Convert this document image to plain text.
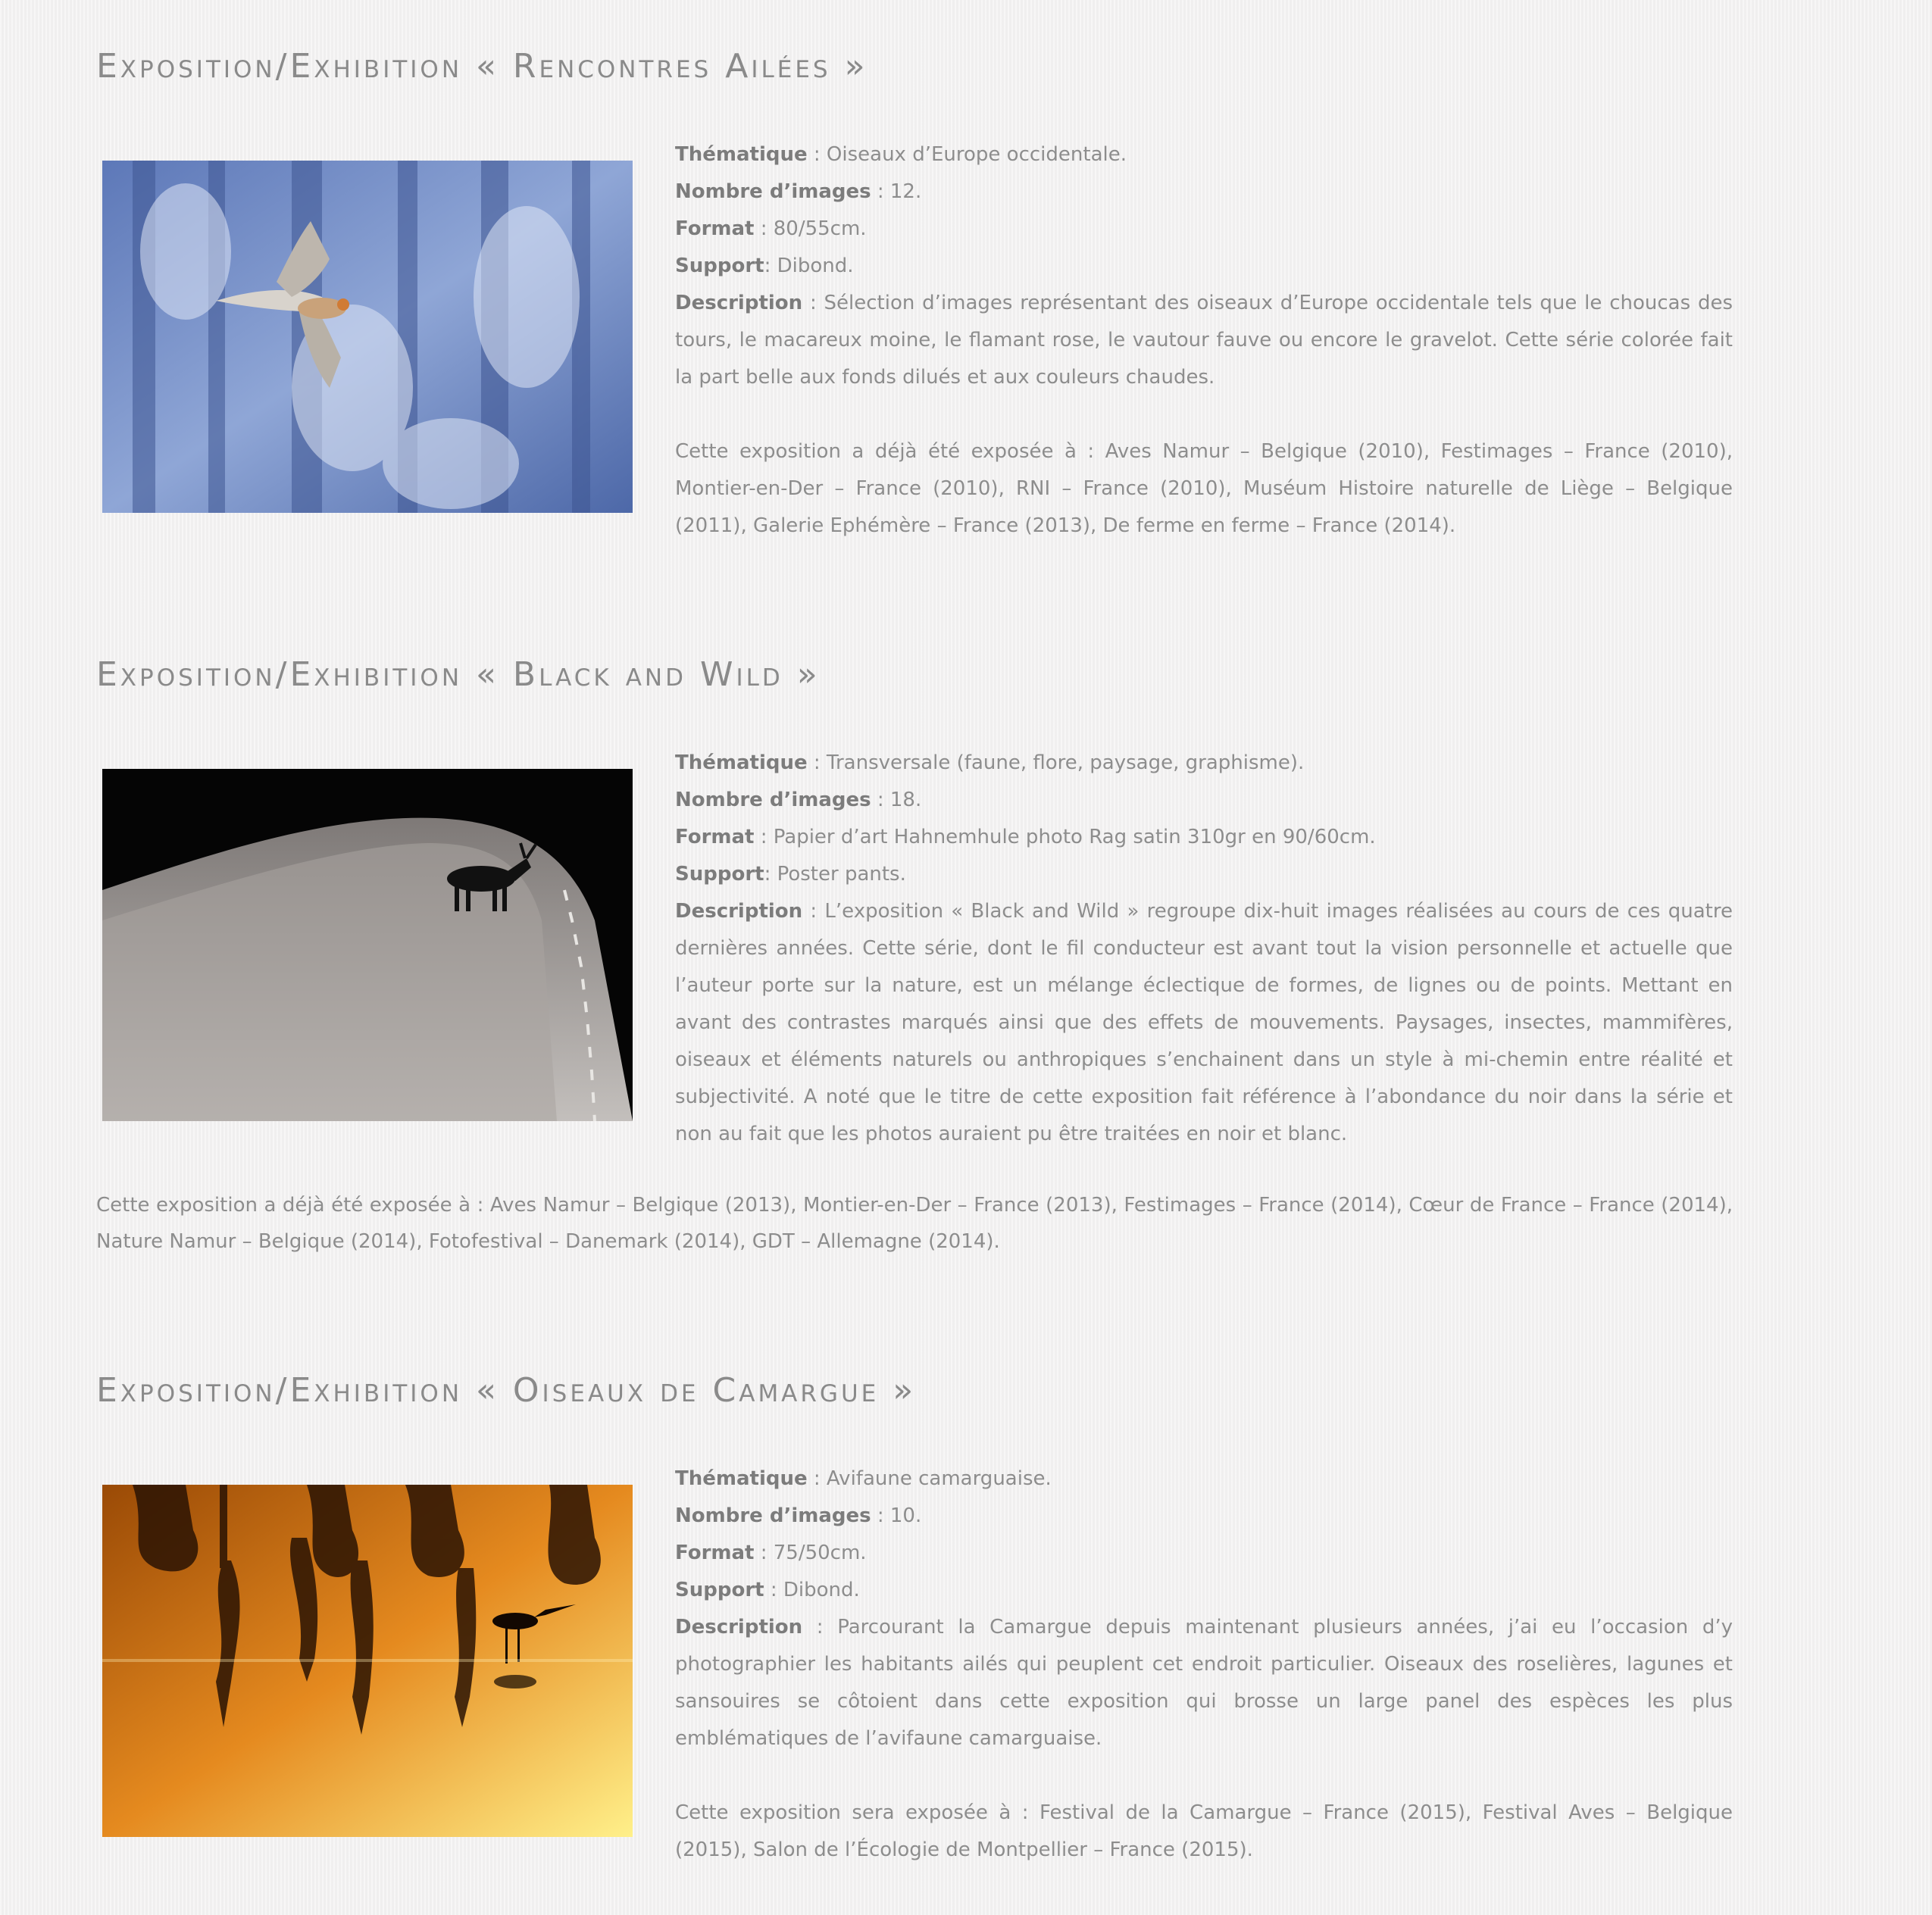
Exposition/Exhibition « Rencontres Ailées »

Thématique : Oiseaux d’Europe occidentale.

Nombre d’images : 12.

Format : 80/55cm.

Support: Dibond.

Description : Sélection d’images représentant des oiseaux d’Europe occidentale tels que le choucas des tours, le macareux moine, le flamant rose, le vautour fauve ou encore le gravelot. Cette série colorée fait la part belle aux fonds dilués et aux couleurs chaudes.

Cette exposition a déjà été exposée à : Aves Namur – Belgique (2010), Festimages – France (2010), Montier-en-Der – France (2010), RNI – France (2010), Muséum Histoire naturelle de Liège – Belgique (2011), Galerie Ephémère – France (2013), De ferme en ferme – France (2014).

Exposition/Exhibition « Black and Wild »

Thématique : Transversale (faune, flore, paysage, graphisme).

Nombre d’images : 18.

Format : Papier d’art Hahnemhule photo Rag satin 310gr en 90/60cm.

Support: Poster pants.

Description : L’exposition « Black and Wild » regroupe dix-huit images réalisées au cours de ces quatre dernières années. Cette série, dont le fil conducteur est avant tout la vision personnelle et actuelle que l’auteur porte sur la nature, est un mélange éclectique de formes, de lignes ou de points. Mettant en avant des contrastes marqués ainsi que des effets de mouvements. Paysages, insectes, mammifères, oiseaux et éléments naturels ou anthropiques s’enchainent dans un style à mi-chemin entre réalité et subjectivité. A noté que le titre de cette exposition fait référence à l’abondance du noir dans la série et non au fait que les photos auraient pu être traitées en noir et blanc.

Cette exposition a déjà été exposée à : Aves Namur – Belgique (2013), Montier-en-Der – France (2013), Festimages – France (2014), Cœur de France – France (2014), Nature Namur – Belgique (2014), Fotofestival – Danemark (2014), GDT – Allemagne (2014).

Exposition/Exhibition « Oiseaux de Camargue »

Thématique : Avifaune camarguaise.

Nombre d’images : 10.

Format : 75/50cm.

Support : Dibond.

Description : Parcourant la Camargue depuis maintenant plusieurs années, j’ai eu l’occasion d’y photographier les habitants ailés qui peuplent cet endroit particulier. Oiseaux des roselières, lagunes et sansouires se côtoient dans cette exposition qui brosse un large panel des espèces les plus emblématiques de l’avifaune camarguaise.

Cette exposition sera exposée à : Festival de la Camargue – France (2015), Festival Aves – Belgique (2015), Salon de l’Écologie de Montpellier – France (2015).
